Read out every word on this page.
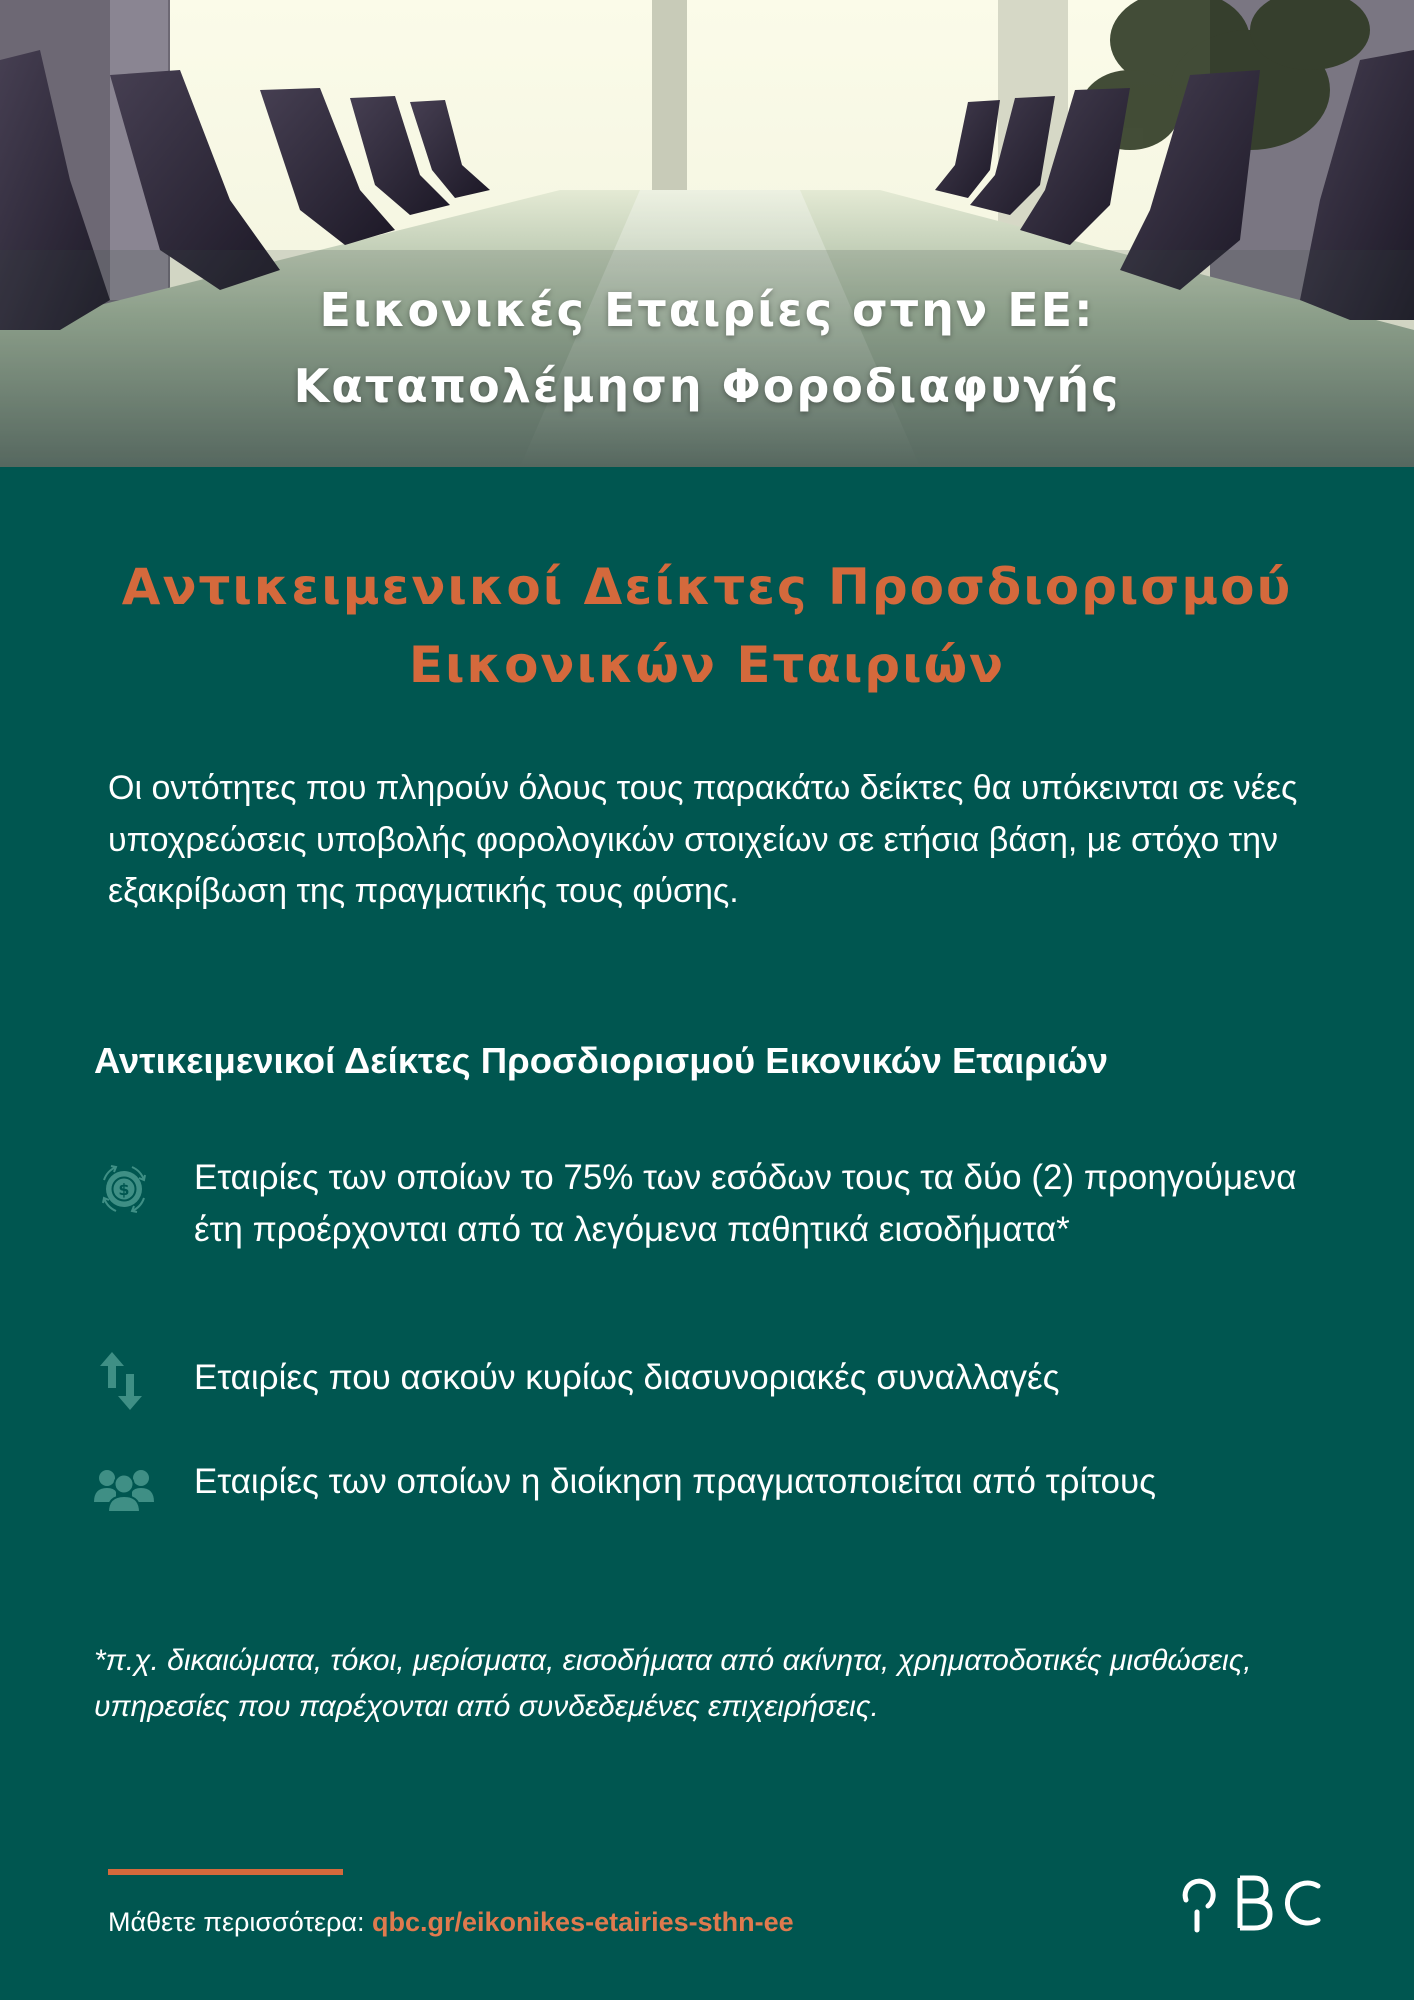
Εικονικές Εταιρίες στην ΕΕ:
Καταπολέμηση Φοροδιαφυγής
Αντικειμενικοί Δείκτες Προσδιορισμού
Εικονικών Εταιριών

Οι οντότητες που πληρούν όλους τους παρακάτω δείκτες θα υπόκεινται σε νέες υποχρεώσεις υποβολής φορολογικών στοιχείων σε ετήσια βάση, με στόχο την εξακρίβωση της πραγματικής τους φύσης.

Αντικειμενικοί Δείκτες Προσδιορισμού Εικονικών Εταιριών
$ Εταιρίες των οποίων το 75% των εσόδων τους τα δύο (2) προηγούμενα έτη προέρχονται από τα λεγόμενα παθητικά εισοδήματα*

Εταιρίες που ασκούν κυρίως διασυνοριακές συναλλαγές

Εταιρίες των οποίων η διοίκηση πραγματοποιείται από τρίτους

*π.χ. δικαιώματα, τόκοι, μερίσματα, εισοδήματα από ακίνητα, χρηματοδοτικές μισθώσεις, υπηρεσίες που παρέχονται από συνδεδεμένες επιχειρήσεις.

Μάθετε περισσότερα: qbc.gr/eikonikes-etairies-sthn-ee
